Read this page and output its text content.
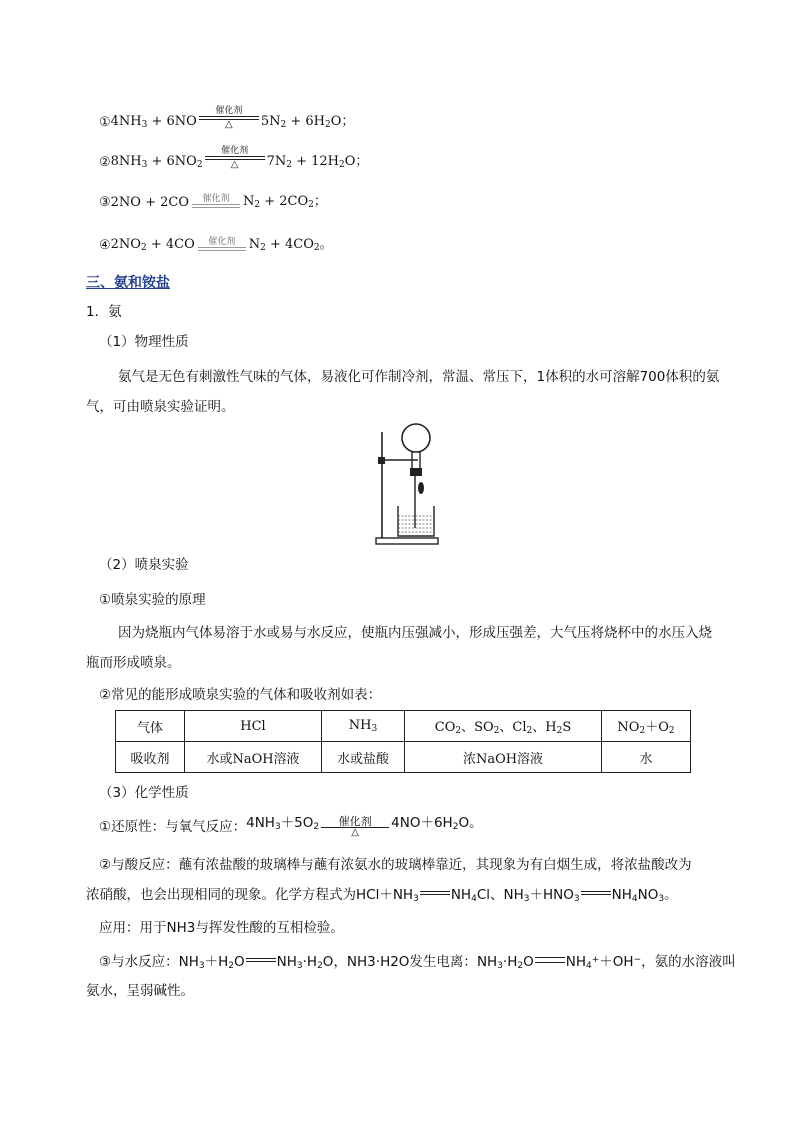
① $4NH_3 + 6NO$
催化剂
△ $5N_2 + 6H_2O$；
② $8NH_3 + 6NO_2$
催化剂
△ $7N_2 + 12H_2O$；
③ 2NO + 2CO 催化剂 $N_2 + 2CO_2$；
④ $2NO_2 + 4CO$ 催化剂 $N_2 + 4CO_2$。
三、氨和铵盐
1．氨
（1）物理性质
氨气是无色有刺激性气味的气体，易液化可作制冷剂，常温、常压下，1体积的水可溶解700体积的氨
气，可由喷泉实验证明。
（2）喷泉实验
①喷泉实验的原理
因为烧瓶内气体易溶于水或易与水反应，使瓶内压强减小，形成压强差，大气压将烧杯中的水压入烧
瓶而形成喷泉。
②常见的能形成喷泉实验的气体和吸收剂如表：
气体	HCl	$NH_3$	$CO_2$、$SO_2$、$Cl_2$、$H_2S$	$NO_2+O_2$
吸收剂	水或NaOH溶液	水或盐酸	浓NaOH溶液	水
（3）化学性质
①还原性：与氧气反应： $4NH_3+5O_2$ 催化剂
△
$4NO+6H_2O$。
②与酸反应：蘸有浓盐酸的玻璃棒与蘸有浓氨水的玻璃棒靠近，其现象为有白烟生成，将浓盐酸改为
浓硝酸，也会出现相同的现象。化学方程式为$HCl+NH_3$ $NH_4Cl$、$NH_3+HNO_3$ $NH_4NO_3$。
应用：用于NH3与挥发性酸的互相检验。
③与水反应：$NH_3+H_2O$ $NH_3\cdot H_2O$，NH3·H2O发生电离：$NH_3\cdot H_2O$ $NH_4^++OH^-$，氨的水溶液叫
氨水，呈弱碱性。
